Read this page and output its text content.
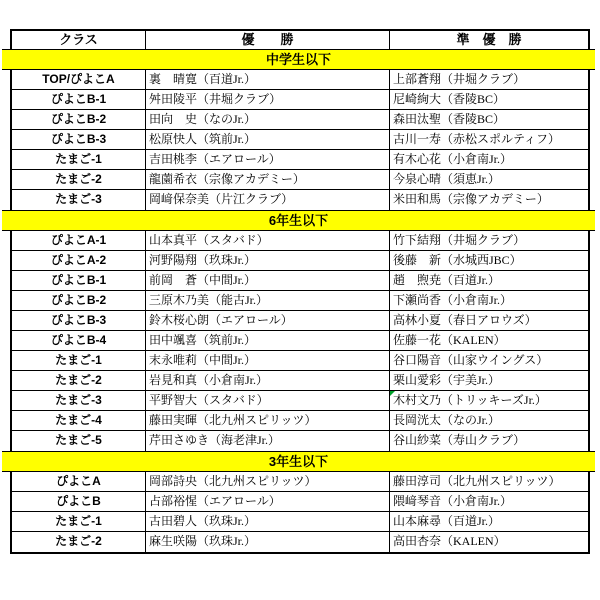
クラス	優　　勝	準　優　勝
中学生以下
TOP/ぴよこA	裏　晴寛（百道Jr.）	上部蒼翔（井堀クラブ）
ぴよこB-1	舛田陵平（井堀クラブ）	尼崎絢大（香陵BC）
ぴよこB-2	田向　史（なのJr.）	森田汰聖（香陵BC）
ぴよこB-3	松原快人（筑前Jr.）	古川一寿（赤松スポルティフ）
たまご-1	吉田桃李（エアロール）	有木心花（小倉南Jr.）
たまご-2	龍薗希衣（宗像アカデミー）	今泉心晴（須恵Jr.）
たまご-3	岡﨑保奈美（片江クラブ）	米田和馬（宗像アカデミー）
6年生以下
ぴよこA-1	山本真平（スタバド）	竹下結翔（井堀クラブ）
ぴよこA-2	河野陽翔（玖珠Jr.）	後藤　新（水城西JBC）
ぴよこB-1	前岡　蒼（中間Jr.）	趙　煦尭（百道Jr.）
ぴよこB-2	三原木乃美（能古Jr.）	下瀬尚香（小倉南Jr.）
ぴよこB-3	鈴木桜心朗（エアロール）	高林小夏（春日アロウズ）
ぴよこB-4	田中颯喜（筑前Jr.）	佐藤一花（KALEN）
たまご-1	末永唯莉（中間Jr.）	谷口陽音（山家ウイングス）
たまご-2	岩見和真（小倉南Jr.）	栗山愛彩（宇美Jr.）
たまご-3	平野智大（スタバド）	木村文乃（トリッキーズJr.）
たまご-4	藤田実暉（北九州スピリッツ）	長岡洸太（なのJr.）
たまご-5	芹田さゆき（海老津Jr.）	谷山紗菜（寿山クラブ）
3年生以下
ぴよこA	岡部詩央（北九州スピリッツ）	藤田淳司（北九州スピリッツ）
ぴよこB	占部裕惺（エアロール）	隈﨑琴音（小倉南Jr.）
たまご-1	古田碧人（玖珠Jr.）	山本麻尋（百道Jr.）
たまご-2	麻生咲陽（玖珠Jr.）	高田杏奈（KALEN）
